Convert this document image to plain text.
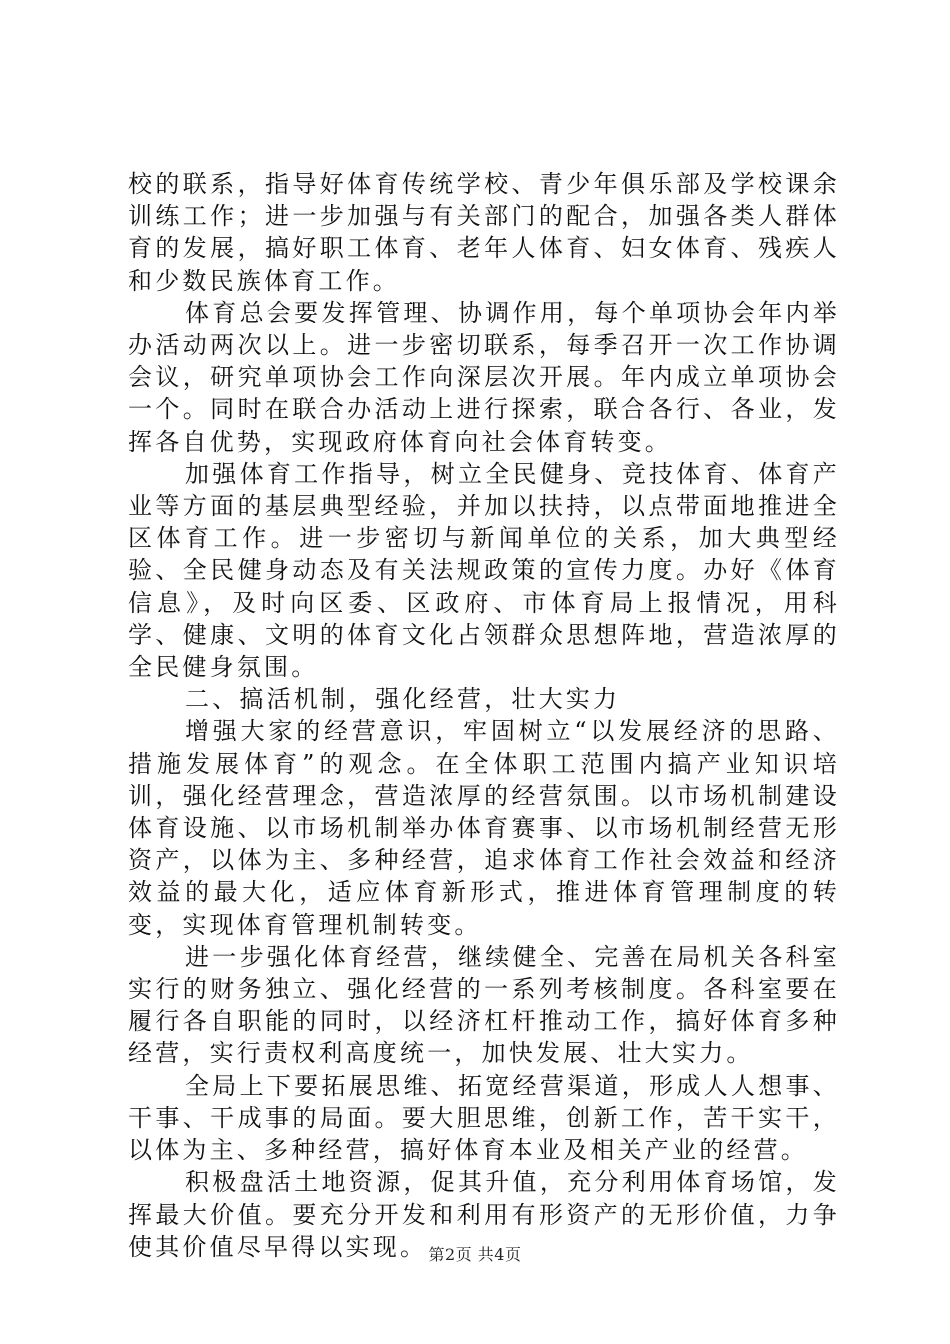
校的联系，指导好体育传统学校、青少年俱乐部及学校课余训练工作；进一步加强与有关部门的配合，加强各类人群体育的发展，搞好职工体育、老年人体育、妇女体育、残疾人和少数民族体育工作。

体育总会要发挥管理、协调作用，每个单项协会年内举办活动两次以上。进一步密切联系，每季召开一次工作协调会议，研究单项协会工作向深层次开展。年内成立单项协会一个。同时在联合办活动上进行探索，联合各行、各业，发挥各自优势，实现政府体育向社会体育转变。

加强体育工作指导，树立全民健身、竞技体育、体育产业等方面的基层典型经验，并加以扶持，以点带面地推进全区体育工作。进一步密切与新闻单位的关系，加大典型经验、全民健身动态及有关法规政策的宣传力度。办好《体育信息》，及时向区委、区政府、市体育局上报情况，用科学、健康、文明的体育文化占领群众思想阵地，营造浓厚的全民健身氛围。

二、搞活机制，强化经营，壮大实力

增强大家的经营意识，牢固树立“以发展经济的思路、措施发展体育”的观念。在全体职工范围内搞产业知识培训，强化经营理念，营造浓厚的经营氛围。以市场机制建设体育设施、以市场机制举办体育赛事、以市场机制经营无形资产，以体为主、多种经营，追求体育工作社会效益和经济效益的最大化，适应体育新形式，推进体育管理制度的转变，实现体育管理机制转变。

进一步强化体育经营，继续健全、完善在局机关各科室实行的财务独立、强化经营的一系列考核制度。各科室要在履行各自职能的同时，以经济杠杆推动工作，搞好体育多种经营，实行责权利高度统一，加快发展、壮大实力。

全局上下要拓展思维、拓宽经营渠道，形成人人想事、干事、干成事的局面。要大胆思维，创新工作，苦干实干，以体为主、多种经营，搞好体育本业及相关产业的经营。

积极盘活土地资源，促其升值，充分利用体育场馆，发挥最大价值。要充分开发和利用有形资产的无形价值，力争使其价值尽早得以实现。 第2页 共4页
